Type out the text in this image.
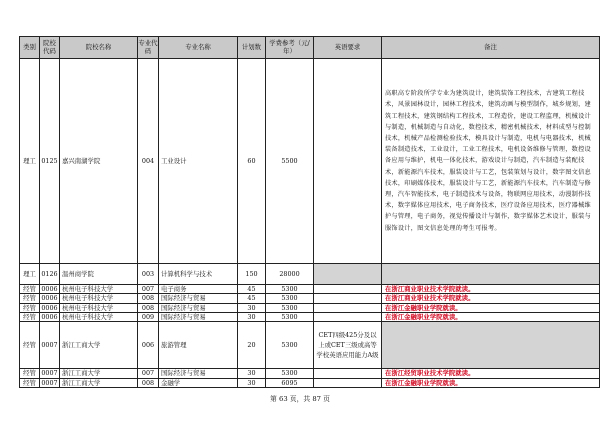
类别	院校代码	院校名称	专业代码	专业名称	计划数	学费参考（元/年）	英语要求	备注
理工	0125	嘉兴南湖学院	004	工业设计	60	5500		高职高专阶段所学专业为建筑设计，建筑装饰工程技术，古建筑工程技术，风景园林设计，园林工程技术，建筑动画与模型制作，城乡规划，建筑工程技术，建筑钢结构工程技术，工程造价，建设工程监理，机械设计与制造，机械制造与自动化，数控技术，精密机械技术，材料成型与控制技术，机械产品检测检验技术，模具设计与制造，电机与电器技术，机械装备制造技术，工业设计，工业工程技术，电机设备维修与管理，数控设备应用与维护，机电一体化技术，游戏设计与制造，汽车制造与装配技术，新能源汽车技术，服装设计与工艺，包装策划与设计，数字图文信息技术，印刷媒体技术，服装设计与工艺，新能源汽车技术，汽车制造与修理，汽车智能技术，电子制造技术与设备，物联网应用技术，动漫制作技术，数字媒体应用技术，电子商务技术，医疗设备应用技术，医疗器械维护与管理，电子商务，视觉传播设计与制作，数字媒体艺术设计，服装与服饰设计，图文信息处理的考生可报考。
理工	0126	温州商学院	003	计算机科学与技术	150	28000		
经管	0006	杭州电子科技大学	007	电子商务	45	5300		在浙江商业职业技术学院就读。
经管	0006	杭州电子科技大学	008	国际经济与贸易	45	5300		在浙江商业职业技术学院就读。
经管	0006	杭州电子科技大学	008	国际经济与贸易	30	5300		在浙江金融职业学院就读。
经管	0006	杭州电子科技大学	009	国际经济与贸易	30	5300		在浙江金融职业学院就读。
经管	0007	浙江工商大学	006	旅游管理	20	5300	CET四级425分及以上或CET三级或高等学校英语应用能力A级	
经管	0007	浙江工商大学	007	国际经济与贸易	30	5300		在浙江经贸职业技术学院就读。
经管	0007	浙江工商大学	008	金融学	30	6095		在浙江金融职业学院就读。
第 63 页，共 87 页
